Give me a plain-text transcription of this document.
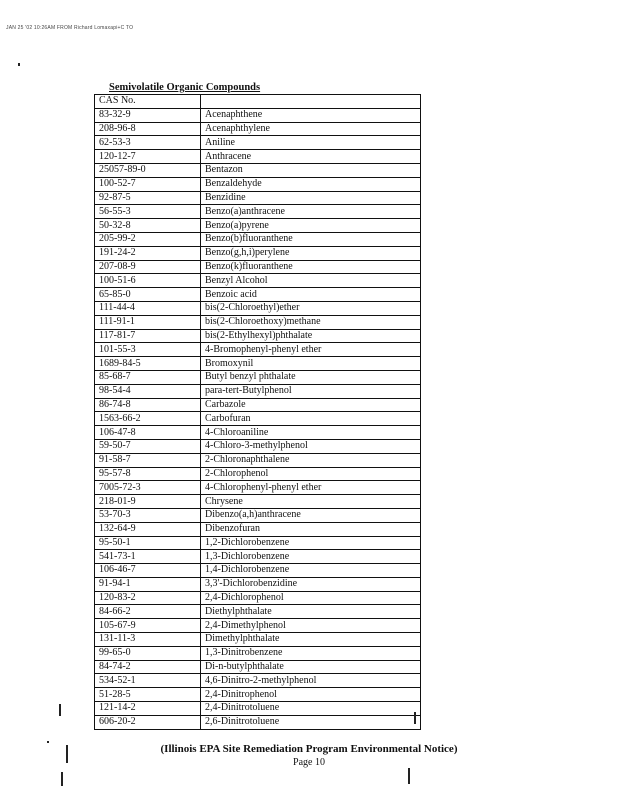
JAN 25 '02 10:26AM FROM Richard Lomaxapi+C TO
Semivolatile Organic Compounds
CAS No.	
83-32-9	Acenaphthene
208-96-8	Acenaphthylene
62-53-3	Aniline
120-12-7	Anthracene
25057-89-0	Bentazon
100-52-7	Benzaldehyde
92-87-5	Benzidine
56-55-3	Benzo(a)anthracene
50-32-8	Benzo(a)pyrene
205-99-2	Benzo(b)fluoranthene
191-24-2	Benzo(g,h,i)perylene
207-08-9	Benzo(k)fluoranthene
100-51-6	Benzyl Alcohol
65-85-0	Benzoic acid
111-44-4	bis(2-Chloroethyl)ether
111-91-1	bis(2-Chloroethoxy)methane
117-81-7	bis(2-Ethylhexyl)phthalate
101-55-3	4-Bromophenyl-phenyl ether
1689-84-5	Bromoxynil
85-68-7	Butyl benzyl phthalate
98-54-4	para-tert-Butylphenol
86-74-8	Carbazole
1563-66-2	Carbofuran
106-47-8	4-Chloroaniline
59-50-7	4-Chloro-3-methylphenol
91-58-7	2-Chloronaphthalene
95-57-8	2-Chlorophenol
7005-72-3	4-Chlorophenyl-phenyl ether
218-01-9	Chrysene
53-70-3	Dibenzo(a,h)anthracene
132-64-9	Dibenzofuran
95-50-1	1,2-Dichlorobenzene
541-73-1	1,3-Dichlorobenzene
106-46-7	1,4-Dichlorobenzene
91-94-1	3,3'-Dichlorobenzidine
120-83-2	2,4-Dichlorophenol
84-66-2	Diethylphthalate
105-67-9	2,4-Dimethylphenol
131-11-3	Dimethylphthalate
99-65-0	1,3-Dinitrobenzene
84-74-2	Di-n-butylphthalate
534-52-1	4,6-Dinitro-2-methylphenol
51-28-5	2,4-Dinitrophenol
121-14-2	2,4-Dinitrotoluene
606-20-2	2,6-Dinitrotoluene
(Illinois EPA Site Remediation Program Environmental Notice)
Page 10
